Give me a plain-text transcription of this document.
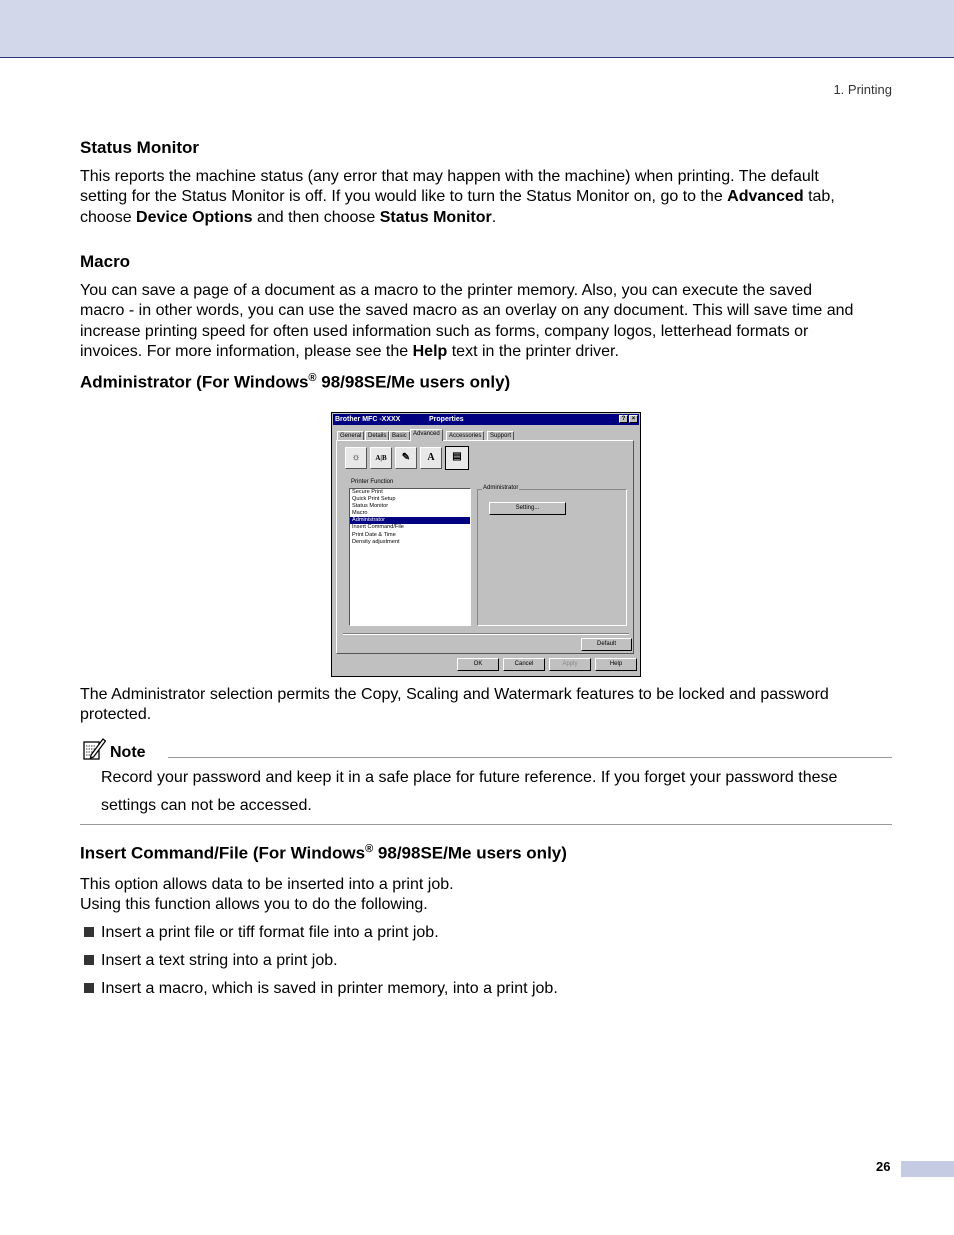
1. Printing
Status Monitor
This reports the machine status (any error that may happen with the machine) when printing. The default
setting for the Status Monitor is off. If you would like to turn the Status Monitor on, go to the Advanced tab,
choose Device Options and then choose Status Monitor.
Macro
You can save a page of a document as a macro to the printer memory. Also, you can execute the saved
macro - in other words, you can use the saved macro as an overlay on any document. This will save time and
increase printing speed for often used information such as forms, company logos, letterhead formats or
invoices. For more information, please see the Help text in the printer driver.
Administrator (For Windows® 98/98SE/Me users only)
Brother MFC -XXXX	Properties	?	×
General	Details Basic	Advanced	Accessories	Support
☼	A|B	✎	A	▤
Printer Function
Secure Print
Quick Print Setup
Status Monitor
Macro
Administrator
Insert Command/File
Print Date & Time
Density adjustment
Administrator
Setting...
Default
OK	Cancel	Apply	Help
The Administrator selection permits the Copy, Scaling and Watermark features to be locked and password
protected.
Note
Record your password and keep it in a safe place for future reference. If you forget your password these
settings can not be accessed.
Insert Command/File (For Windows® 98/98SE/Me users only)
This option allows data to be inserted into a print job.
Using this function allows you to do the following.
Insert a print file or tiff format file into a print job.
Insert a text string into a print job.
Insert a macro, which is saved in printer memory, into a print job.
26
